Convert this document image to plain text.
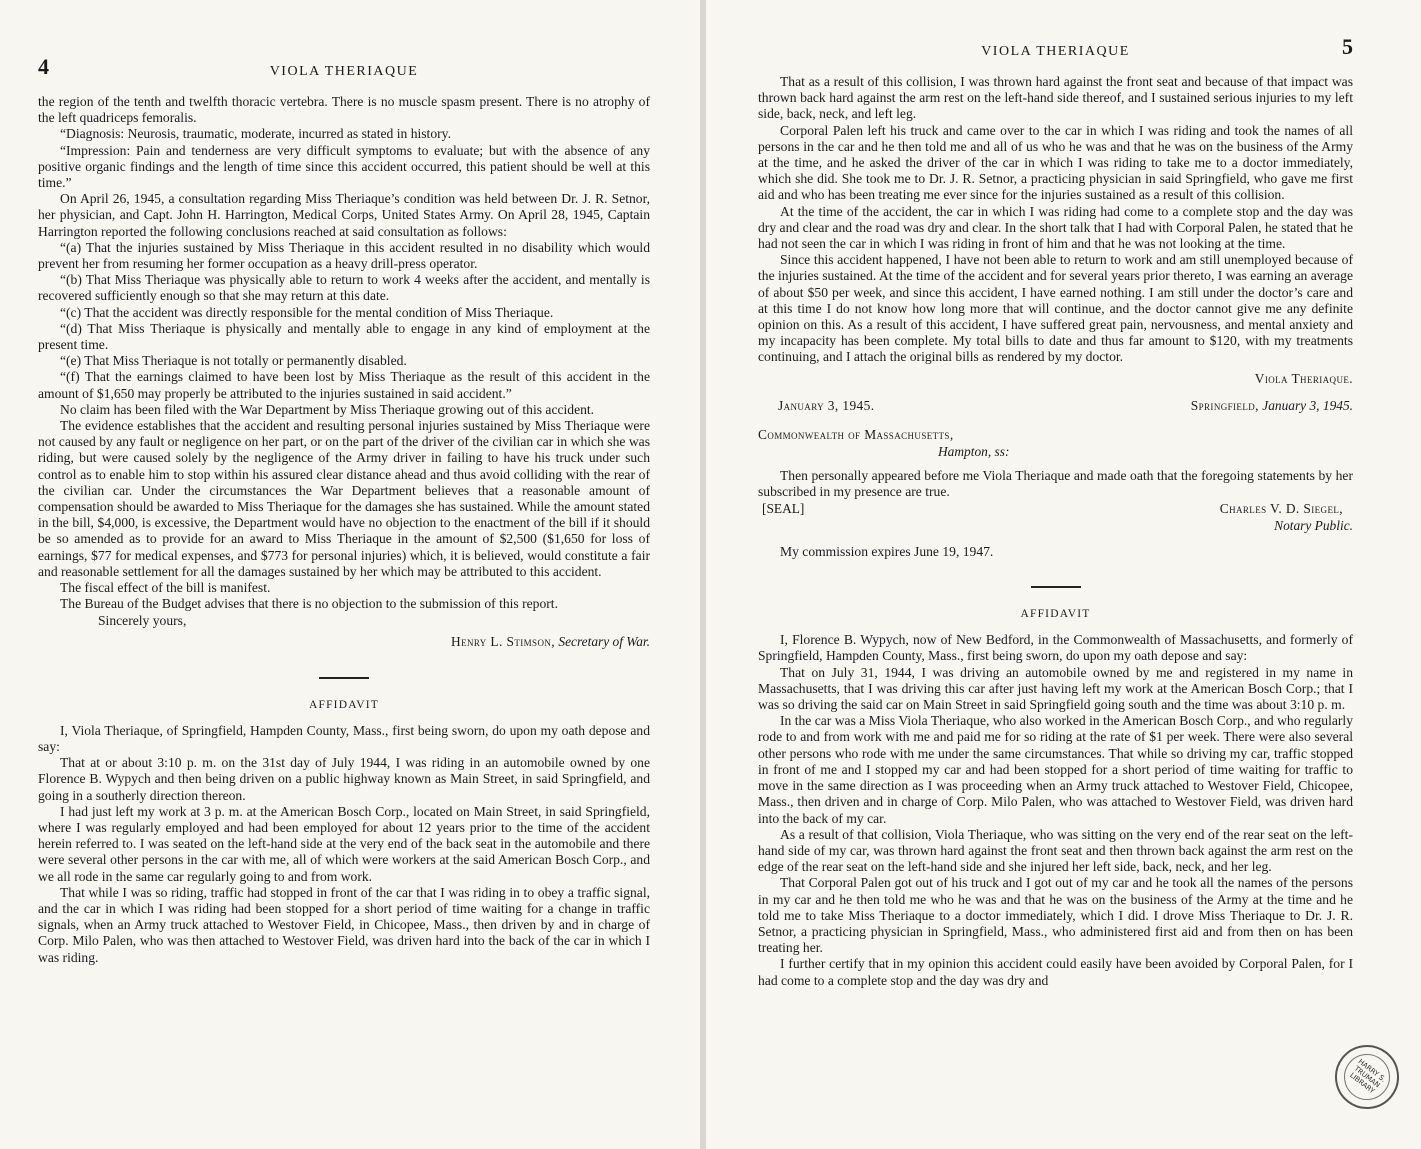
4	VIOLA THERIAQUE

the region of the tenth and twelfth thoracic vertebra. There is no muscle spasm present. There is no atrophy of the left quadriceps femoralis.

“Diagnosis: Neurosis, traumatic, moderate, incurred as stated in history.

“Impression: Pain and tenderness are very difficult symptoms to evaluate; but with the absence of any positive organic findings and the length of time since this accident occurred, this patient should be well at this time.”

On April 26, 1945, a consultation regarding Miss Theriaque’s condition was held between Dr. J. R. Setnor, her physician, and Capt. John H. Harrington, Medical Corps, United States Army. On April 28, 1945, Captain Harrington reported the following conclusions reached at said consultation as follows:

“(a) That the injuries sustained by Miss Theriaque in this accident resulted in no disability which would prevent her from resuming her former occupation as a heavy drill-press operator.

“(b) That Miss Theriaque was physically able to return to work 4 weeks after the accident, and mentally is recovered sufficiently enough so that she may return at this date.

“(c) That the accident was directly responsible for the mental condition of Miss Theriaque.

“(d) That Miss Theriaque is physically and mentally able to engage in any kind of employment at the present time.

“(e) That Miss Theriaque is not totally or permanently disabled.

“(f) That the earnings claimed to have been lost by Miss Theriaque as the result of this accident in the amount of $1,650 may properly be attributed to the injuries sustained in said accident.”

No claim has been filed with the War Department by Miss Theriaque growing out of this accident.

The evidence establishes that the accident and resulting personal injuries sustained by Miss Theriaque were not caused by any fault or negligence on her part, or on the part of the driver of the civilian car in which she was riding, but were caused solely by the negligence of the Army driver in failing to have his truck under such control as to enable him to stop within his assured clear distance ahead and thus avoid colliding with the rear of the civilian car. Under the circumstances the War Department believes that a reasonable amount of compensation should be awarded to Miss Theriaque for the damages she has sustained. While the amount stated in the bill, $4,000, is excessive, the Department would have no objection to the enactment of the bill if it should be so amended as to provide for an award to Miss Theriaque in the amount of $2,500 ($1,650 for loss of earnings, $77 for medical expenses, and $773 for personal injuries) which, it is believed, would constitute a fair and reasonable settlement for all the damages sustained by her which may be attributed to this accident.

The fiscal effect of the bill is manifest.

The Bureau of the Budget advises that there is no objection to the submission of this report.

Sincerely yours,

Henry L. Stimson, Secretary of War.
AFFIDAVIT

I, Viola Theriaque, of Springfield, Hampden County, Mass., first being sworn, do upon my oath depose and say:

That at or about 3:10 p. m. on the 31st day of July 1944, I was riding in an automobile owned by one Florence B. Wypych and then being driven on a public highway known as Main Street, in said Springfield, and going in a southerly direction thereon.

I had just left my work at 3 p. m. at the American Bosch Corp., located on Main Street, in said Springfield, where I was regularly employed and had been employed for about 12 years prior to the time of the accident herein referred to. I was seated on the left-hand side at the very end of the back seat in the automobile and there were several other persons in the car with me, all of which were workers at the said American Bosch Corp., and we all rode in the same car regularly going to and from work.

That while I was so riding, traffic had stopped in front of the car that I was riding in to obey a traffic signal, and the car in which I was riding had been stopped for a short period of time waiting for a change in traffic signals, when an Army truck attached to Westover Field, in Chicopee, Mass., then driven by and in charge of Corp. Milo Palen, who was then attached to Westover Field, was driven hard into the back of the car in which I was riding.

VIOLA THERIAQUE	5

That as a result of this collision, I was thrown hard against the front seat and because of that impact was thrown back hard against the arm rest on the left-hand side thereof, and I sustained serious injuries to my left side, back, neck, and left leg.

Corporal Palen left his truck and came over to the car in which I was riding and took the names of all persons in the car and he then told me and all of us who he was and that he was on the business of the Army at the time, and he asked the driver of the car in which I was riding to take me to a doctor immediately, which she did. She took me to Dr. J. R. Setnor, a practicing physician in said Springfield, who gave me first aid and who has been treating me ever since for the injuries sustained as a result of this collision.

At the time of the accident, the car in which I was riding had come to a complete stop and the day was dry and clear and the road was dry and clear. In the short talk that I had with Corporal Palen, he stated that he had not seen the car in which I was riding in front of him and that he was not looking at the time.

Since this accident happened, I have not been able to return to work and am still unemployed because of the injuries sustained. At the time of the accident and for several years prior thereto, I was earning an average of about $50 per week, and since this accident, I have earned nothing. I am still under the doctor’s care and at this time I do not know how long more that will continue, and the doctor cannot give me any definite opinion on this. As a result of this accident, I have suffered great pain, nervousness, and mental anxiety and my incapacity has been complete. My total bills to date and thus far amount to $120, with my treatments continuing, and I attach the original bills as rendered by my doctor.

Viola Theriaque.
January 3, 1945.	Springfield, January 3, 1945.
Commonwealth of Massachusetts,
Hampton, ss:

Then personally appeared before me Viola Theriaque and made oath that the foregoing statements by her subscribed in my presence are true.

[SEAL]	Charles V. D. Siegel,
Notary Public.

My commission expires June 19, 1947.

AFFIDAVIT

I, Florence B. Wypych, now of New Bedford, in the Commonwealth of Massachusetts, and formerly of Springfield, Hampden County, Mass., first being sworn, do upon my oath depose and say:

That on July 31, 1944, I was driving an automobile owned by me and registered in my name in Massachusetts, that I was driving this car after just having left my work at the American Bosch Corp.; that I was so driving the said car on Main Street in said Springfield going south and the time was about 3:10 p. m.

In the car was a Miss Viola Theriaque, who also worked in the American Bosch Corp., and who regularly rode to and from work with me and paid me for so riding at the rate of $1 per week. There were also several other persons who rode with me under the same circumstances. That while so driving my car, traffic stopped in front of me and I stopped my car and had been stopped for a short period of time waiting for traffic to move in the same direction as I was proceeding when an Army truck attached to Westover Field, Chicopee, Mass., then driven and in charge of Corp. Milo Palen, who was attached to Westover Field, was driven hard into the back of my car.

As a result of that collision, Viola Theriaque, who was sitting on the very end of the rear seat on the left-hand side of my car, was thrown hard against the front seat and then thrown back against the arm rest on the edge of the rear seat on the left-hand side and she injured her left side, back, neck, and her leg.

That Corporal Palen got out of his truck and I got out of my car and he took all the names of the persons in my car and he then told me who he was and that he was on the business of the Army at the time and he told me to take Miss Theriaque to a doctor immediately, which I did. I drove Miss Theriaque to Dr. J. R. Setnor, a practicing physician in Springfield, Mass., who administered first aid and from then on has been treating her.

I further certify that in my opinion this accident could easily have been avoided by Corporal Palen, for I had come to a complete stop and the day was dry and

HARRY S. TRUMAN LIBRARY
